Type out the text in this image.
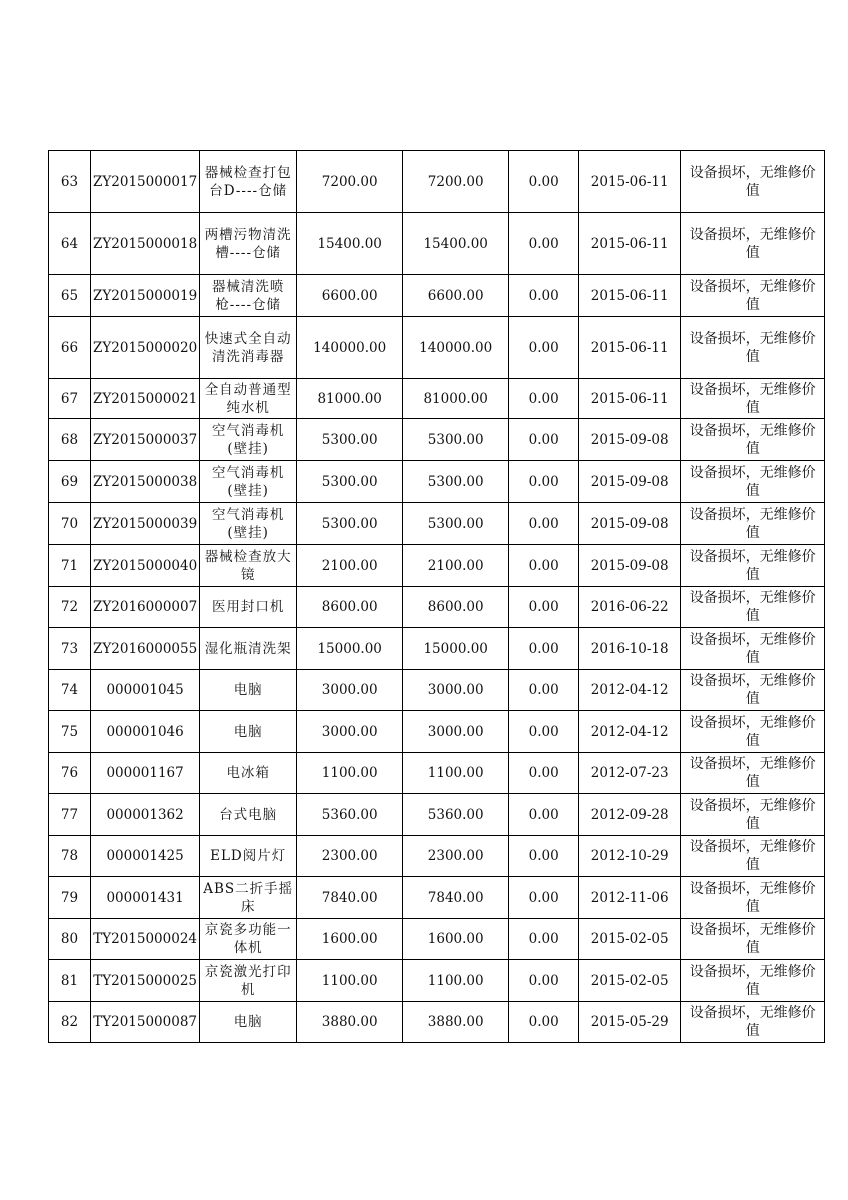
63	ZY2015000017	器械检查打包台D----仓储	7200.00	7200.00	0.00	2015-06-11	设备损坏，无维修价值
64	ZY2015000018	两槽污物清洗槽----仓储	15400.00	15400.00	0.00	2015-06-11	设备损坏，无维修价值
65	ZY2015000019	器械清洗喷枪----仓储	6600.00	6600.00	0.00	2015-06-11	设备损坏，无维修价值
66	ZY2015000020	快速式全自动清洗消毒器	140000.00	140000.00	0.00	2015-06-11	设备损坏，无维修价值
67	ZY2015000021	全自动普通型纯水机	81000.00	81000.00	0.00	2015-06-11	设备损坏，无维修价值
68	ZY2015000037	空气消毒机(壁挂)	5300.00	5300.00	0.00	2015-09-08	设备损坏，无维修价值
69	ZY2015000038	空气消毒机(壁挂)	5300.00	5300.00	0.00	2015-09-08	设备损坏，无维修价值
70	ZY2015000039	空气消毒机(壁挂)	5300.00	5300.00	0.00	2015-09-08	设备损坏，无维修价值
71	ZY2015000040	器械检查放大镜	2100.00	2100.00	0.00	2015-09-08	设备损坏，无维修价值
72	ZY2016000007	医用封口机	8600.00	8600.00	0.00	2016-06-22	设备损坏，无维修价值
73	ZY2016000055	湿化瓶清洗架	15000.00	15000.00	0.00	2016-10-18	设备损坏，无维修价值
74	000001045	电脑	3000.00	3000.00	0.00	2012-04-12	设备损坏，无维修价值
75	000001046	电脑	3000.00	3000.00	0.00	2012-04-12	设备损坏，无维修价值
76	000001167	电冰箱	1100.00	1100.00	0.00	2012-07-23	设备损坏，无维修价值
77	000001362	台式电脑	5360.00	5360.00	0.00	2012-09-28	设备损坏，无维修价值
78	000001425	ELD阅片灯	2300.00	2300.00	0.00	2012-10-29	设备损坏，无维修价值
79	000001431	ABS二折手摇床	7840.00	7840.00	0.00	2012-11-06	设备损坏，无维修价值
80	TY2015000024	京瓷多功能一体机	1600.00	1600.00	0.00	2015-02-05	设备损坏，无维修价值
81	TY2015000025	京瓷激光打印机	1100.00	1100.00	0.00	2015-02-05	设备损坏，无维修价值
82	TY2015000087	电脑	3880.00	3880.00	0.00	2015-05-29	设备损坏，无维修价值
